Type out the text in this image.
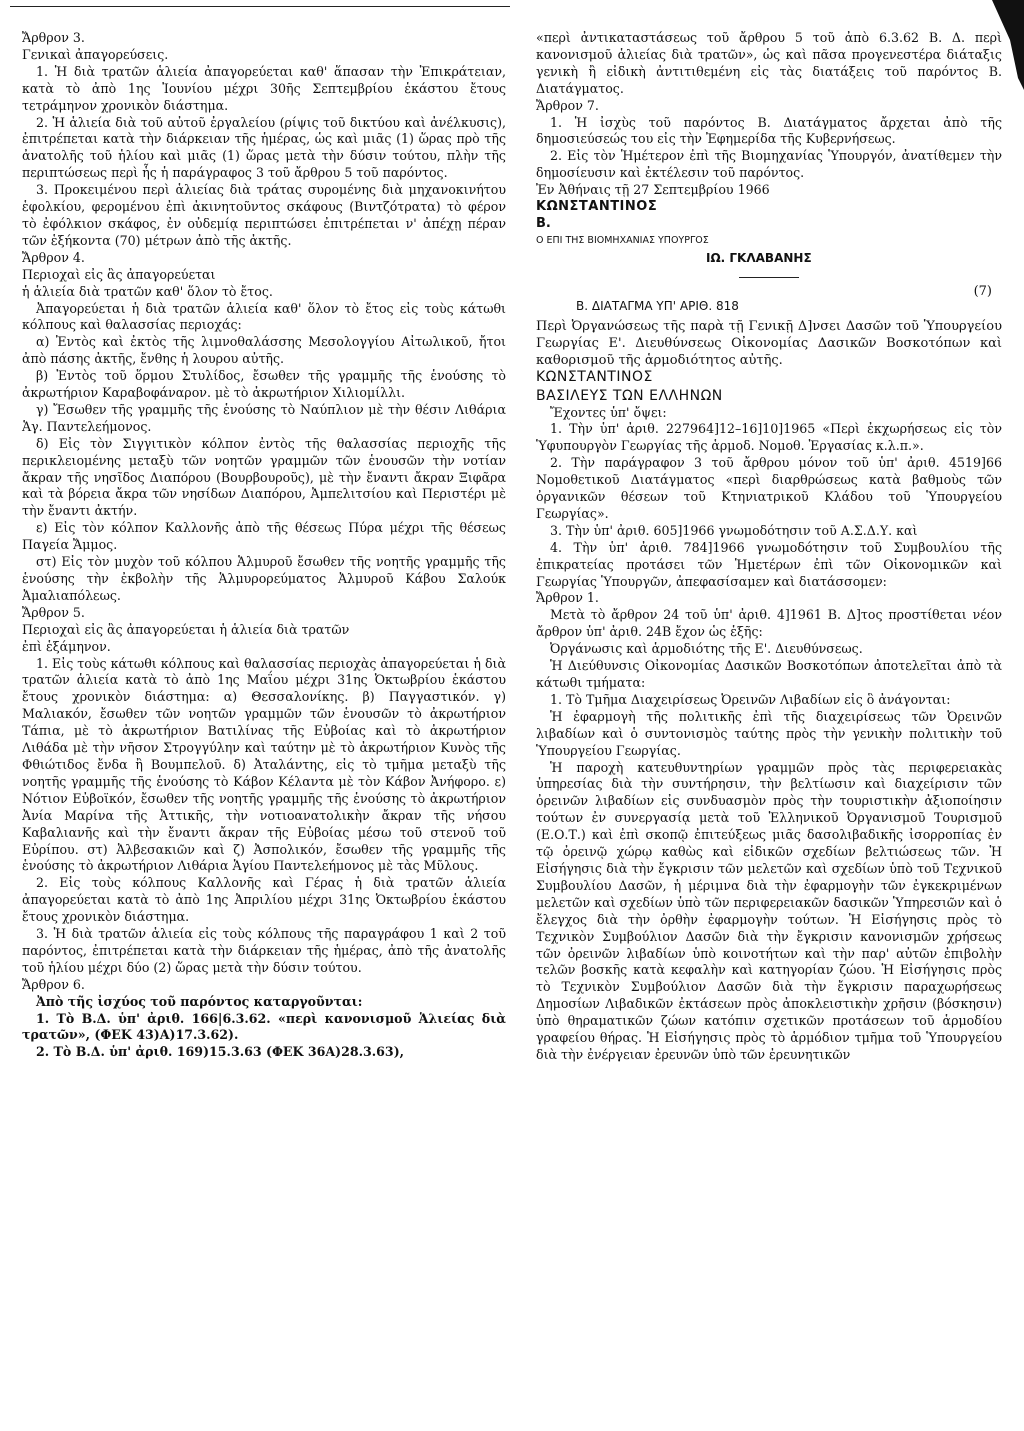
Ἄρθρον 3.

Γενικαὶ ἀπαγορεύσεις.

1. Ἡ διὰ τρατῶν ἁλιεία ἀπαγορεύεται καθ' ἅπασαν τὴν Ἐπικράτειαν, κατὰ τὸ ἀπὸ 1ης Ἰουνίου μέχρι 30ῆς Σεπτεμβρίου ἑκάστου ἔτους τετράμηνον χρονικὸν διάστημα.

2. Ἡ ἁλιεία διὰ τοῦ αὐτοῦ ἐργαλείου (ρίψις τοῦ δικτύου καὶ ἀνέλκυσις), ἐπιτρέπεται κατὰ τὴν διάρκειαν τῆς ἡμέρας, ὡς καὶ μιᾶς (1) ὥρας πρὸ τῆς ἀνατολῆς τοῦ ἡλίου καὶ μιᾶς (1) ὥρας μετὰ τὴν δύσιν τούτου, πλὴν τῆς περιπτώσεως περὶ ἧς ἡ παράγραφος 3 τοῦ ἄρθρου 5 τοῦ παρόντος.

3. Προκειμένου περὶ ἁλιείας διὰ τράτας συρομένης διὰ μηχανοκινήτου ἑφολκίου, φερομένου ἐπὶ ἀκινητοῦντος σκάφους (Βιντζότρατα) τὸ φέρον τὸ ἐφόλκιον σκάφος, ἐν οὐδεμίᾳ περιπτώσει ἐπιτρέπεται ν' ἀπέχῃ πέραν τῶν ἑξήκοντα (70) μέτρων ἀπὸ τῆς ἀκτῆς.

Ἄρθρον 4.

Περιοχαὶ εἰς ἃς ἀπαγορεύεται

ἡ ἁλιεία διὰ τρατῶν καθ' ὅλον τὸ ἔτος.

Ἀπαγορεύεται ἡ διὰ τρατῶν ἁλιεία καθ' ὅλον τὸ ἔτος εἰς τοὺς κάτωθι κόλπους καὶ θαλασσίας περιοχάς:

α) Ἐντὸς καὶ ἐκτὸς τῆς λιμνοθαλάσσης Μεσολογγίου Αἰτωλικοῦ, ἤτοι ἀπὸ πάσης ἀκτῆς, ἔνθης ἡ λουρου αὐτῆς.

β) Ἐντὸς τοῦ ὅρμου Στυλίδος, ἔσωθεν τῆς γραμμῆς τῆς ἑνούσης τὸ ἀκρωτήριον Καραβοφάναρον. μὲ τὸ ἀκρωτήριον Χιλιομίλλι.

γ) Ἔσωθεν τῆς γραμμῆς τῆς ἑνούσης τὸ Ναύπλιον μὲ τὴν θέσιν Λιθάρια Ἁγ. Παντελεήμονος.

δ) Εἰς τὸν Σιγγιτικὸν κόλπον ἐντὸς τῆς θαλασσίας περιοχῆς τῆς περικλειομένης μεταξὺ τῶν νοητῶν γραμμῶν τῶν ἑνουσῶν τὴν νοτίαν ἄκραν τῆς νησῖδος Διαπόρου (Βουρβουροῦς), μὲ τὴν ἔναντι ἄκραν Ξιφᾶρα καὶ τὰ βόρεια ἄκρα τῶν νησίδων Διαπόρου, Ἀμπελιτσίου καὶ Περιστέρι μὲ τὴν ἔναντι ἀκτήν.

ε) Εἰς τὸν κόλπον Καλλονῆς ἀπὸ τῆς θέσεως Πύρα μέχρι τῆς θέσεως Παγεία Ἄμμος.

στ) Εἰς τὸν μυχὸν τοῦ κόλπου Ἁλμυροῦ ἔσωθεν τῆς νοητῆς γραμμῆς τῆς ἑνούσης τὴν ἐκβολὴν τῆς Ἁλμυρορεύματος Ἀλμυροῦ Κάβου Σαλούκ Ἀμαλιαπόλεως.

Ἄρθρον 5.

Περιοχαὶ εἰς ἃς ἀπαγορεύεται ἡ ἁλιεία διὰ τρατῶν

ἐπὶ ἑξάμηνον.

1. Εἰς τοὺς κάτωθι κόλπους καὶ θαλασσίας περιοχὰς ἀπαγορεύεται ἡ διὰ τρατῶν ἁλιεία κατὰ τὸ ἀπὸ 1ης Μαΐου μέχρι 31ης Ὀκτωβρίου ἑκάστου ἔτους χρονικὸν διάστημα: α) Θεσσαλονίκης. β) Παγγαστικόν. γ) Μαλιακόν, ἔσωθεν τῶν νοητῶν γραμμῶν τῶν ἑνουσῶν τὸ ἀκρωτήριον Τάπια, μὲ τὸ ἀκρωτήριον Βατιλίνας τῆς Εὐβοίας καὶ τὸ ἀκρωτήριον Λιθάδα μὲ τὴν νῆσον Στρογγύλην καὶ ταύτην μὲ τὸ ἀκρωτήριον Κυνὸς τῆς Φθιώτιδος ἔνδα ἢ Βουμπελοῦ. δ) Ἀταλάντης, εἰς τὸ τμῆμα μεταξὺ τῆς νοητῆς γραμμῆς τῆς ἑνούσης τὸ Κάβον Κέλαντα μὲ τὸν Κάβον Ἀνήφορο. ε) Νότιον Εὐβοϊκόν, ἔσωθεν τῆς νοητῆς γραμμῆς τῆς ἑνούσης τὸ ἀκρωτήριον Ἀνία Μαρίνα τῆς Ἀττικῆς, τὴν νοτιοανατολικὴν ἄκραν τῆς νήσου Καβαλιανῆς καὶ τὴν ἔναντι ἄκραν τῆς Εὐβοίας μέσω τοῦ στενοῦ τοῦ Εὐρίπου. στ) Ἀλβεσακιῶν καὶ ζ) Ἀσπολικόν, ἔσωθεν τῆς γραμμῆς τῆς ἑνούσης τὸ ἀκρωτήριον Λιθάρια Ἁγίου Παντελεήμονος μὲ τὰς Μῦλους.

2. Εἰς τοὺς κόλπους Καλλονῆς καὶ Γέρας ἡ διὰ τρατῶν ἁλιεία ἀπαγορεύεται κατὰ τὸ ἀπὸ 1ης Ἀπριλίου μέχρι 31ης Ὀκτωβρίου ἑκάστου ἔτους χρονικὸν διάστημα.

3. Ἡ διὰ τρατῶν ἁλιεία εἰς τοὺς κόλπους τῆς παραγράφου 1 καὶ 2 τοῦ παρόντος, ἐπιτρέπεται κατὰ τὴν διάρκειαν τῆς ἡμέρας, ἀπὸ τῆς ἀνατολῆς τοῦ ἡλίου μέχρι δύο (2) ὥρας μετὰ τὴν δύσιν τούτου.

Ἄρθρον 6.

Ἀπὸ τῆς ἰσχύος τοῦ παρόντος καταργοῦνται:

1. Τὸ Β.Δ. ὑπ' ἀριθ. 166|6.3.62. «περὶ κανονισμοῦ Ἁλιείας διὰ τρατῶν», (ΦΕΚ 43)Α)17.3.62).

2. Τὸ Β.Δ. ὑπ' ἀριθ. 169)15.3.63 (ΦΕΚ 36Α)28.3.63),

«περὶ ἀντικαταστάσεως τοῦ ἄρθρου 5 τοῦ ἀπὸ 6.3.62 Β. Δ. περὶ κανονισμοῦ ἁλιείας διὰ τρατῶν», ὡς καὶ πᾶσα προγενεστέρα διάταξις γενικὴ ἢ εἰδικὴ ἀντιτιθεμένη εἰς τὰς διατάξεις τοῦ παρόντος Β. Διατάγματος.

Ἄρθρον 7.

1. Ἡ ἰσχὺς τοῦ παρόντος Β. Διατάγματος ἄρχεται ἀπὸ τῆς δημοσιεύσεώς του εἰς τὴν Ἐφημερίδα τῆς Κυβερνήσεως.

2. Εἰς τὸν Ἡμέτερον ἐπὶ τῆς Βιομηχανίας Ὑπουργόν, ἀνατίθεμεν τὴν δημοσίευσιν καὶ ἐκτέλεσιν τοῦ παρόντος.

Ἐν Ἀθήναις τῇ 27 Σεπτεμβρίου 1966

ΚΩΝΣΤΑΝΤΙΝΟΣ

Β.

Ο ΕΠΙ ΤΗΣ ΒΙΟΜΗΧΑΝΙΑΣ ΥΠΟΥΡΓΟΣ

ΙΩ. ΓΚΛΑΒΑΝΗΣ

Β. ΔΙΑΤΑΓΜΑ ΥΠ' ΑΡΙΘ. 818
(7)

Περὶ Ὀργανώσεως τῆς παρὰ τῇ Γενικῇ Δ]νσει Δασῶν τοῦ Ὑπουργείου Γεωργίας Ε'. Διευθύνσεως Οἰκονομίας Δασικῶν Βοσκοτόπων καὶ καθορισμοῦ τῆς ἁρμοδιότητος αὐτῆς.

ΚΩΝΣΤΑΝΤΙΝΟΣ

ΒΑΣΙΛΕΥΣ ΤΩΝ ΕΛΛΗΝΩΝ

Ἔχοντες ὑπ' ὄψει:

1. Τὴν ὑπ' ἀριθ. 227964]12–16]10]1965 «Περὶ ἐκχωρήσεως εἰς τὸν Ὑφυπουργὸν Γεωργίας τῆς ἁρμοδ. Νομοθ. Ἐργασίας κ.λ.π.».

2. Τὴν παράγραφον 3 τοῦ ἄρθρου μόνον τοῦ ὑπ' ἀριθ. 4519]66 Νομοθετικοῦ Διατάγματος «περὶ διαρθρώσεως κατὰ βαθμοὺς τῶν ὀργανικῶν θέσεων τοῦ Κτηνιατρικοῦ Κλάδου τοῦ Ὑπουργείου Γεωργίας».

3. Τὴν ὑπ' ἀριθ. 605]1966 γνωμοδότησιν τοῦ Α.Σ.Δ.Υ. καὶ

4. Τὴν ὑπ' ἀριθ. 784]1966 γνωμοδότησιν τοῦ Συμβουλίου τῆς ἐπικρατείας προτάσει τῶν Ἡμετέρων ἐπὶ τῶν Οἰκονομικῶν καὶ Γεωργίας Ὑπουργῶν, ἀπεφασίσαμεν καὶ διατάσσομεν:

Ἄρθρον 1.

Μετὰ τὸ ἄρθρον 24 τοῦ ὑπ' ἀριθ. 4]1961 Β. Δ]τος προστίθεται νέον ἄρθρον ὑπ' ἀριθ. 24Β ἔχον ὡς ἑξῆς:

Ὀργάνωσις καὶ ἁρμοδιότης τῆς Ε'. Διευθύνσεως.

Ἡ Διεύθυνσις Οἰκονομίας Δασικῶν Βοσκοτόπων ἀποτελεῖται ἀπὸ τὰ κάτωθι τμήματα:

1. Τὸ Τμῆμα Διαχειρίσεως Ὀρεινῶν Λιβαδίων εἰς ὃ ἀνάγονται:

Ἡ ἐφαρμογὴ τῆς πολιτικῆς ἐπὶ τῆς διαχειρίσεως τῶν Ὀρεινῶν λιβαδίων καὶ ὁ συντονισμὸς ταύτης πρὸς τὴν γενικὴν πολιτικὴν τοῦ Ὑπουργείου Γεωργίας.

Ἡ παροχὴ κατευθυντηρίων γραμμῶν πρὸς τὰς περιφερειακὰς ὑπηρεσίας διὰ τὴν συντήρησιν, τὴν βελτίωσιν καὶ διαχείρισιν τῶν ὀρεινῶν λιβαδίων εἰς συνδυασμὸν πρὸς τὴν τουριστικὴν ἀξιοποίησιν τούτων ἐν συνεργασίᾳ μετὰ τοῦ Ἑλληνικοῦ Ὀργανισμοῦ Τουρισμοῦ (Ε.Ο.Τ.) καὶ ἐπὶ σκοπῷ ἐπιτεύξεως μιᾶς δασολιβαδικῆς ἰσορροπίας ἐν τῷ ὀρεινῷ χώρῳ καθὼς καὶ εἰδικῶν σχεδίων βελτιώσεως τῶν. Ἡ Εἰσήγησις διὰ τὴν ἔγκρισιν τῶν μελετῶν καὶ σχεδίων ὑπὸ τοῦ Τεχνικοῦ Συμβουλίου Δασῶν, ἡ μέριμνα διὰ τὴν ἐφαρμογὴν τῶν ἐγκεκριμένων μελετῶν καὶ σχεδίων ὑπὸ τῶν περιφερειακῶν δασικῶν Ὑπηρεσιῶν καὶ ὁ ἔλεγχος διὰ τὴν ὀρθὴν ἐφαρμογὴν τούτων. Ἡ Εἰσήγησις πρὸς τὸ Τεχνικὸν Συμβούλιον Δασῶν διὰ τὴν ἔγκρισιν κανονισμῶν χρήσεως τῶν ὀρεινῶν λιβαδίων ὑπὸ κοινοτήτων καὶ τὴν παρ' αὐτῶν ἐπιβολὴν τελῶν βοσκῆς κατὰ κεφαλὴν καὶ κατηγορίαν ζώου. Ἡ Εἰσήγησις πρὸς τὸ Τεχνικὸν Συμβούλιον Δασῶν διὰ τὴν ἔγκρισιν παραχωρήσεως Δημοσίων Λιβαδικῶν ἐκτάσεων πρὸς ἀποκλειστικὴν χρῆσιν (βόσκησιν) ὑπὸ θηραματικῶν ζώων κατόπιν σχετικῶν προτάσεων τοῦ ἁρμοδίου γραφείου θήρας. Ἡ Εἰσήγησις πρὸς τὸ ἁρμόδιον τμῆμα τοῦ Ὑπουργείου διὰ τὴν ἐνέργειαν ἐρευνῶν ὑπὸ τῶν ἐρευνητικῶν
